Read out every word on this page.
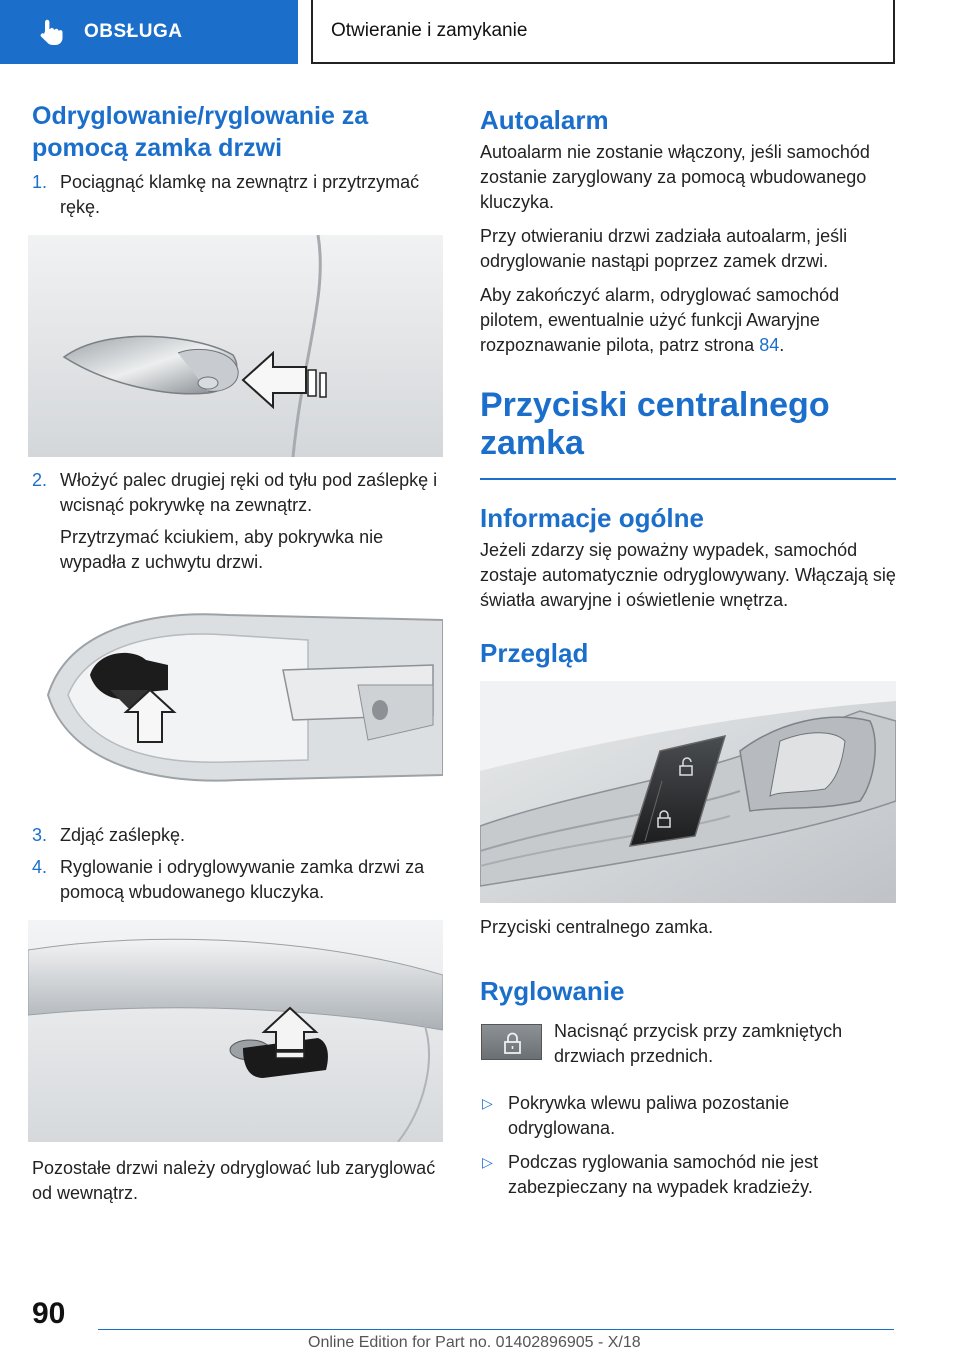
OBSŁUGA	Otwieranie i zamykanie
Odryglowanie/ryglowanie za pomocą zamka drzwi
1. Pociągnąć klamkę na zewnątrz i przytrzymać rękę.
2. Włożyć palec drugiej ręki od tyłu pod zaślepkę i wcisnąć pokrywkę na zewnątrz.

Przytrzymać kciukiem, aby pokrywka nie wypadła z uchwytu drzwi.

3. Zdjąć zaślepkę.
4. Ryglowanie i odryglowywanie zamka drzwi za pomocą wbudowanego kluczyka.

Pozostałe drzwi należy odryglować lub zaryglować od wewnątrz.

Autoalarm

Autoalarm nie zostanie włączony, jeśli samochód zostanie zaryglowany za pomocą wbudowanego kluczyka.

Przy otwieraniu drzwi zadziała autoalarm, jeśli odryglowanie nastąpi poprzez zamek drzwi.

Aby zakończyć alarm, odryglować samochód pilotem, ewentualnie użyć funkcji Awaryjne rozpoznawanie pilota, patrz strona 84.

Przyciski centralnego zamka
Informacje ogólne

Jeżeli zdarzy się poważny wypadek, samochód zostaje automatycznie odryglowywany. Włączają się światła awaryjne i oświetlenie wnętrza.

Przegląd

Przyciski centralnego zamka.

Ryglowanie

Nacisnąć przycisk przy zamkniętych drzwiach przednich.

▷ Pokrywka wlewu paliwa pozostanie odryglowana.
▷ Podczas ryglowania samochód nie jest zabezpieczany na wypadek kradzieży.
90
Online Edition for Part no. 01402896905 - X/18
